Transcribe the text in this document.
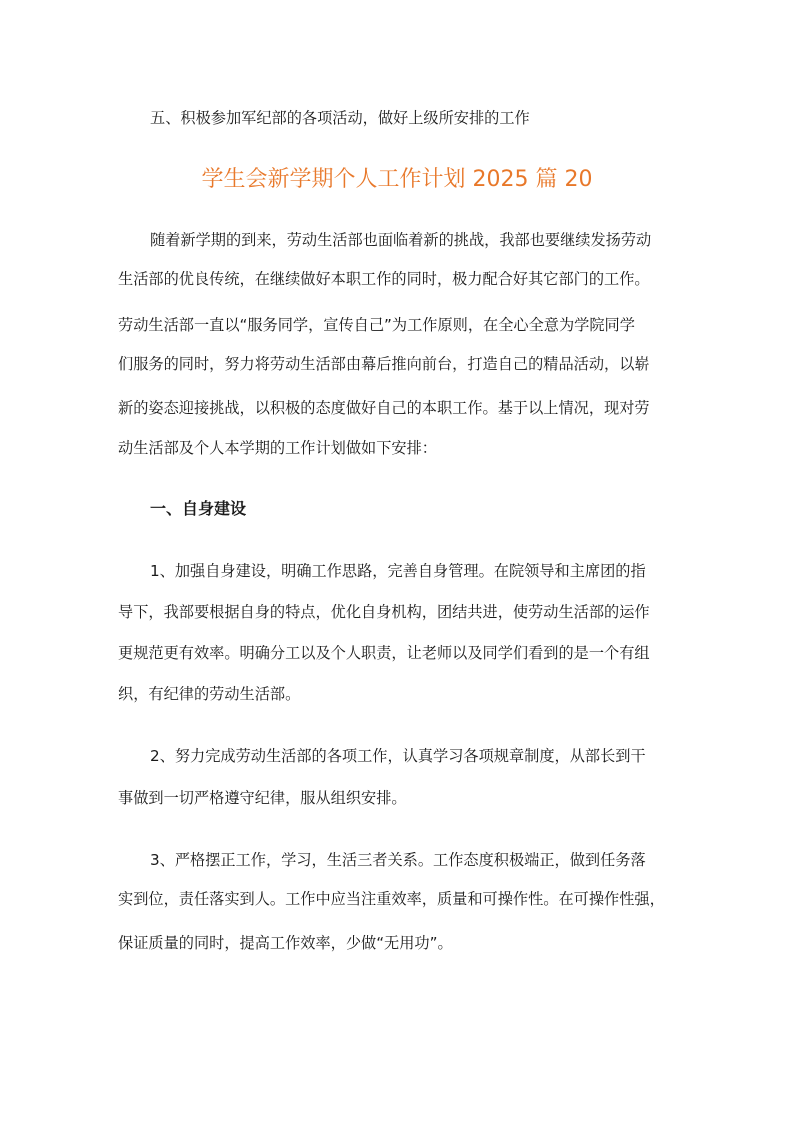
五、积极参加军纪部的各项活动，做好上级所安排的工作
学生会新学期个人工作计划 2025 篇 20
随着新学期的到来，劳动生活部也面临着新的挑战，我部也要继续发扬劳动
生活部的优良传统，在继续做好本职工作的同时，极力配合好其它部门的工作。
劳动生活部一直以“服务同学，宣传自己”为工作原则，在全心全意为学院同学
们服务的同时，努力将劳动生活部由幕后推向前台，打造自己的精品活动，以崭
新的姿态迎接挑战，以积极的态度做好自己的本职工作。基于以上情况，现对劳
动生活部及个人本学期的工作计划做如下安排：
一、自身建设
1、加强自身建设，明确工作思路，完善自身管理。在院领导和主席团的指
导下，我部要根据自身的特点，优化自身机构，团结共进，使劳动生活部的运作
更规范更有效率。明确分工以及个人职责，让老师以及同学们看到的是一个有组
织，有纪律的劳动生活部。
2、努力完成劳动生活部的各项工作，认真学习各项规章制度，从部长到干
事做到一切严格遵守纪律，服从组织安排。
3、严格摆正工作，学习，生活三者关系。工作态度积极端正，做到任务落
实到位，责任落实到人。工作中应当注重效率，质量和可操作性。在可操作性强，
保证质量的同时，提高工作效率，少做“无用功”。
